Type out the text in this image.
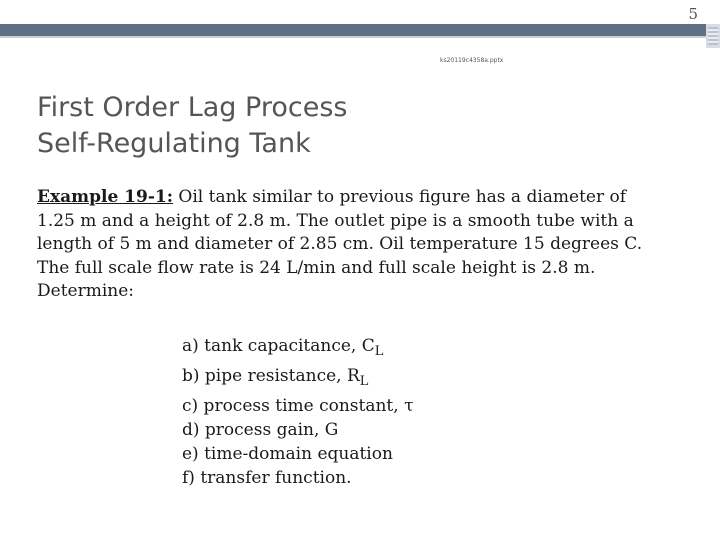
5
ks20119c4358a.pptx
First Order Lag Process
Self-Regulating Tank
Example 19-1: Oil tank similar to previous figure has a diameter of
1.25 m and a height of 2.8 m. The outlet pipe is a smooth tube with a
length of 5 m and diameter of 2.85 cm. Oil temperature 15 degrees C.
The full scale flow rate is 24 L/min and full scale height is 2.8 m.
Determine:
a) tank capacitance, $C_L$
b) pipe resistance, $R_L$
c) process time constant, τ
d) process gain, G
e) time-domain equation
f) transfer function.
